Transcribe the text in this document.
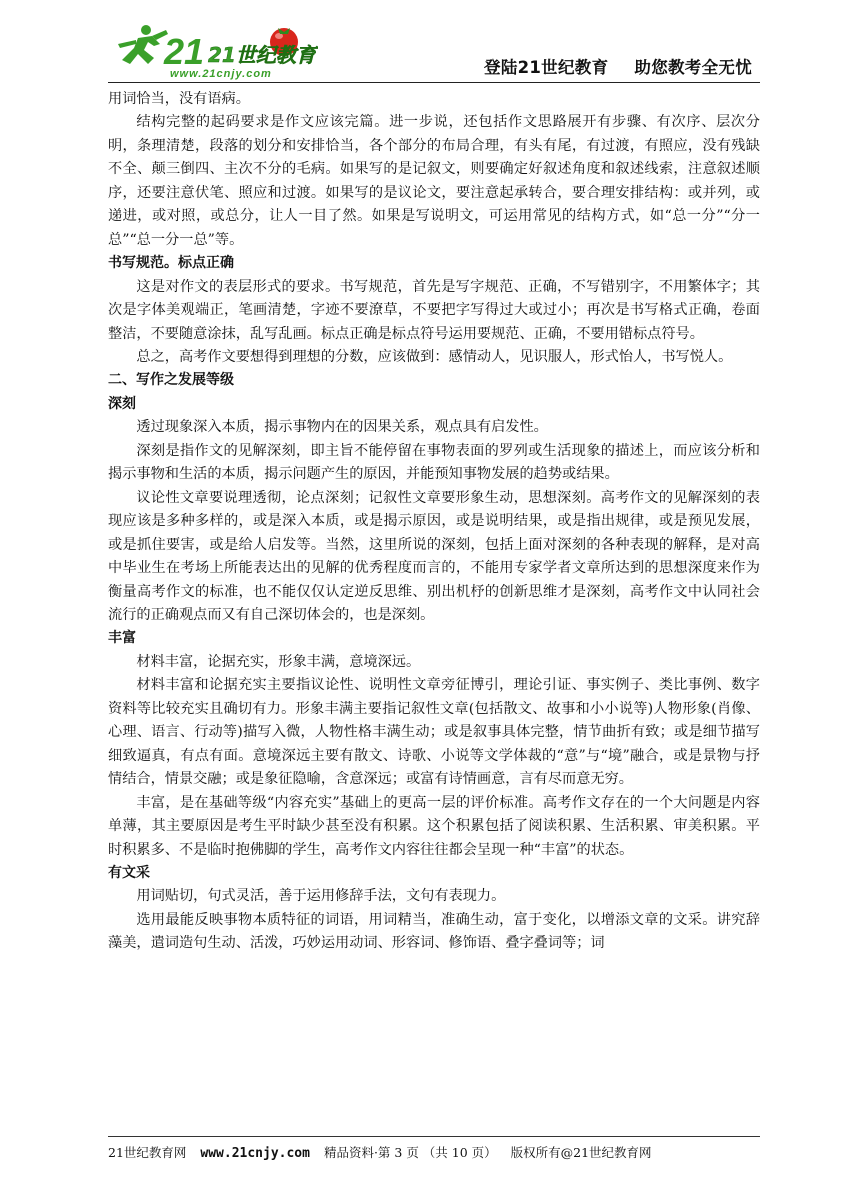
21 21世纪教育
www.21cnjy.com	登陆21世纪教育 助您教考全无忧

用词恰当，没有语病。

结构完整的起码要求是作文应该完篇。进一步说，还包括作文思路展开有步骤、有次序、层次分明，条理清楚，段落的划分和安排恰当，各个部分的布局合理，有头有尾，有过渡，有照应，没有残缺不全、颠三倒四、主次不分的毛病。如果写的是记叙文，则要确定好叙述角度和叙述线索，注意叙述顺序，还要注意伏笔、照应和过渡。如果写的是议论文，要注意起承转合，要合理安排结构：或并列，或递进，或对照，或总分，让人一目了然。如果是写说明文，可运用常见的结构方式，如“总一分”“分一总”“总一分一总”等。

书写规范。标点正确

这是对作文的表层形式的要求。书写规范，首先是写字规范、正确，不写错别字，不用繁体字；其次是字体美观端正，笔画清楚，字迹不要潦草，不要把字写得过大或过小；再次是书写格式正确，卷面整洁，不要随意涂抹，乱写乱画。标点正确是标点符号运用要规范、正确，不要用错标点符号。

总之，高考作文要想得到理想的分数，应该做到：感情动人，见识服人，形式怡人，书写悦人。

二、写作之发展等级

深刻

透过现象深入本质，揭示事物内在的因果关系，观点具有启发性。

深刻是指作文的见解深刻，即主旨不能停留在事物表面的罗列或生活现象的描述上，而应该分析和揭示事物和生活的本质，揭示问题产生的原因，并能预知事物发展的趋势或结果。

议论性文章要说理透彻，论点深刻；记叙性文章要形象生动，思想深刻。高考作文的见解深刻的表现应该是多种多样的，或是深入本质，或是揭示原因，或是说明结果，或是指出规律，或是预见发展，或是抓住要害，或是给人启发等。当然，这里所说的深刻，包括上面对深刻的各种表现的解释，是对高中毕业生在考场上所能表达出的见解的优秀程度而言的，不能用专家学者文章所达到的思想深度来作为衡量高考作文的标准，也不能仅仅认定逆反思维、别出机杼的创新思维才是深刻，高考作文中认同社会流行的正确观点而又有自己深切体会的，也是深刻。

丰富

材料丰富，论据充实，形象丰满，意境深远。

材料丰富和论据充实主要指议论性、说明性文章旁征博引，理论引证、事实例子、类比事例、数字资料等比较充实且确切有力。形象丰满主要指记叙性文章(包括散文、故事和小小说等)人物形象(肖像、心理、语言、行动等)描写入微，人物性格丰满生动；或是叙事具体完整，情节曲折有致；或是细节描写细致逼真，有点有面。意境深远主要有散文、诗歌、小说等文学体裁的“意”与“境”融合，或是景物与抒情结合，情景交融；或是象征隐喻，含意深远；或富有诗情画意，言有尽而意无穷。

丰富，是在基础等级“内容充实”基础上的更高一层的评价标准。高考作文存在的一个大问题是内容单薄，其主要原因是考生平时缺少甚至没有积累。这个积累包括了阅读积累、生活积累、审美积累。平时积累多、不是临时抱佛脚的学生，高考作文内容往往都会呈现一种“丰富”的状态。

有文采

用词贴切，句式灵活，善于运用修辞手法，文句有表现力。

选用最能反映事物本质特征的词语，用词精当，准确生动，富于变化，以增添文章的文采。讲究辞藻美，遣词造句生动、活泼，巧妙运用动词、形容词、修饰语、叠字叠词等；词

21世纪教育网 www.21cnjy.com 精品资料·第 3 页 （共 10 页） 版权所有@21世纪教育网
